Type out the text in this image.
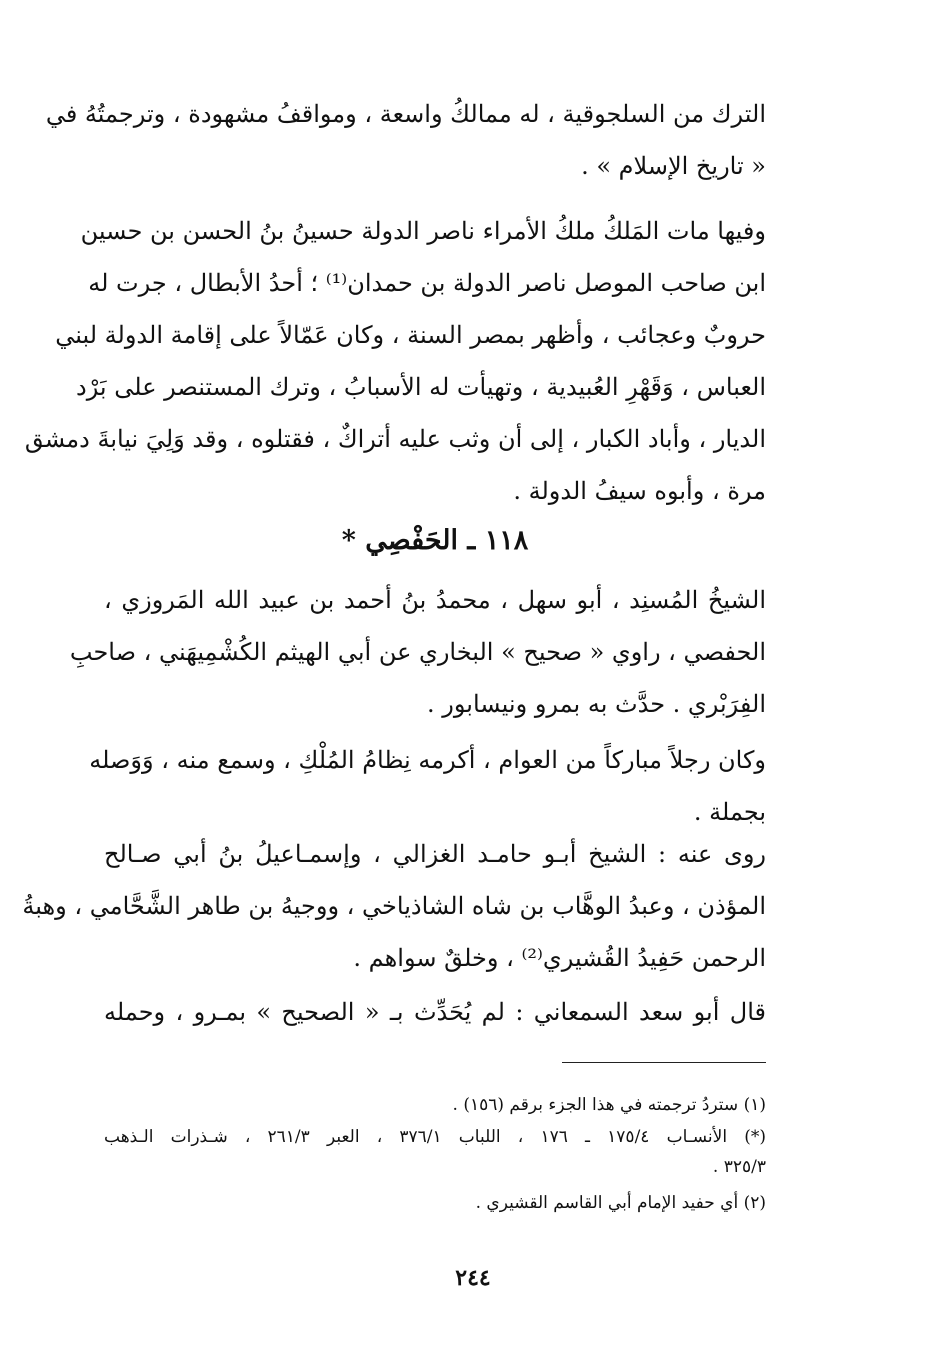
الترك من السلجوقية ، له ممالكُ واسعة ، ومواقفُ مشهودة ، وترجمتُهُ في
« تاريخ الإسلام » .
وفيها مات المَلكُ ملكُ الأمراء ناصر الدولة حسينُ بنُ الحسن بن حسين
ابن صاحب الموصل ناصر الدولة بن حمدان⁽¹⁾ ؛ أحدُ الأبطال ، جرت له
حروبٌ وعجائب ، وأظهر بمصر السنة ، وكان عَمّالاً على إقامة الدولة لبني
العباس ، وَقَهْرِ العُبيدية ، وتهيأت له الأسبابُ ، وترك المستنصر على بَرْد
الديار ، وأباد الكبار ، إلى أن وثب عليه أتراكٌ ، فقتلوه ، وقد وَلِيَ نيابةَ دمشق
مرة ، وأبوه سيفُ الدولة .
١١٨ ـ الحَفْصِي *
الشيخُ المُسنِد ، أبو سهل ، محمدُ بنُ أحمد بن عبيد الله المَروزي ،
الحفصي ، راوي « صحيح » البخاري عن أبي الهيثم الكُشْمِيهَني ، صاحبِ
الفِرَبْري . حدَّث به بمرو ونيسابور .
وكان رجلاً مباركاً من العوام ، أكرمه نِظامُ المُلْكِ ، وسمع منه ، وَوَصله
بجملة .
روى عنه : الشيخ أبـو حامـد الغزالي ، وإسمـاعيلُ بنُ أبي صـالح
المؤذن ، وعبدُ الوهَّاب بن شاه الشاذياخي ، ووجيهُ بن طاهر الشَّحَّامي ، وهبةُ
الرحمن حَفِيدُ القُشيري⁽²⁾ ، وخلقٌ سواهم .
قال أبو سعد السمعاني : لم يُحَدِّث بـ « الصحيح » بمـرو ، وحمله
(١) ستردُ ترجمته في هذا الجزء برقم (١٥٦) .
(*) الأنسـاب ١٧٥/٤ ـ ١٧٦ ، اللباب ٣٧٦/١ ، العبر ٢٦١/٣ ، شـذرات الـذهب
٣٢٥/٣ .
(٢) أي حفيد الإمام أبي القاسم القشيري .
٢٤٤
